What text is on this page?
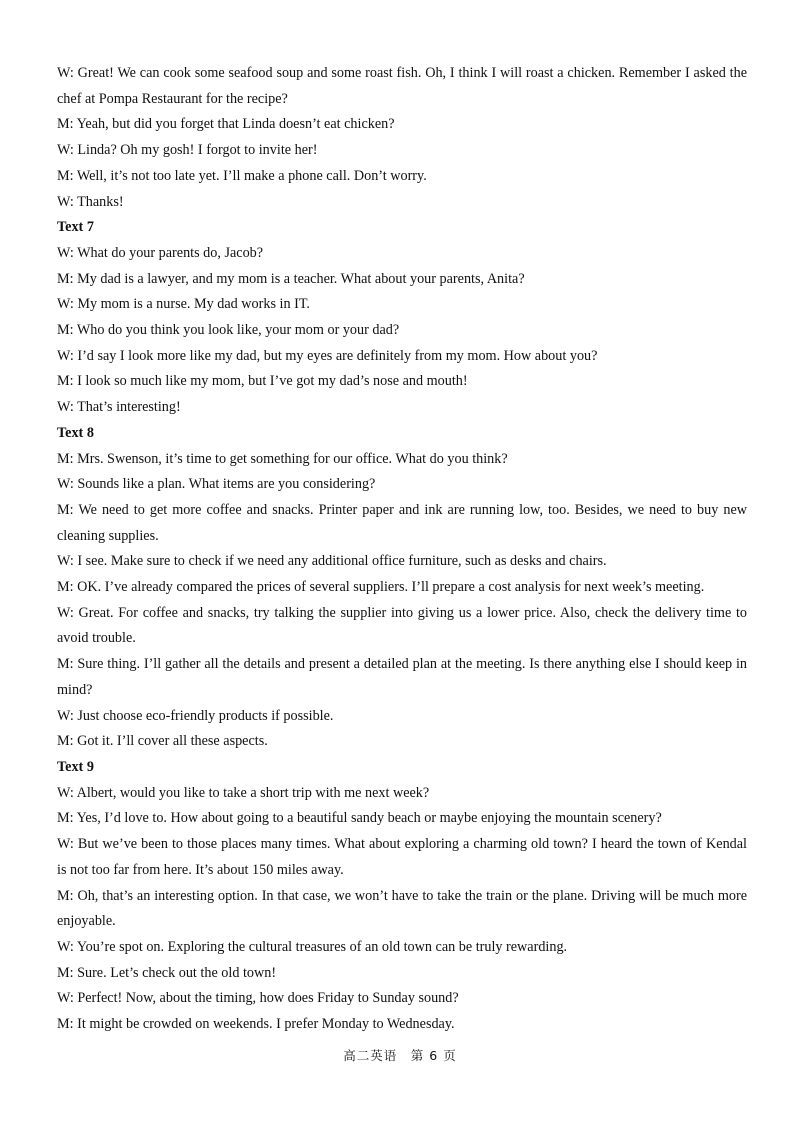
W: Great! We can cook some seafood soup and some roast fish. Oh, I think I will roast a chicken. Remember I asked the chef at Pompa Restaurant for the recipe?

M: Yeah, but did you forget that Linda doesn’t eat chicken?

W: Linda? Oh my gosh! I forgot to invite her!

M: Well, it’s not too late yet. I’ll make a phone call. Don’t worry.

W: Thanks!

Text 7

W: What do your parents do, Jacob?

M: My dad is a lawyer, and my mom is a teacher. What about your parents, Anita?

W: My mom is a nurse. My dad works in IT.

M: Who do you think you look like, your mom or your dad?

W: I’d say I look more like my dad, but my eyes are definitely from my mom. How about you?

M: I look so much like my mom, but I’ve got my dad’s nose and mouth!

W: That’s interesting!

Text 8

M: Mrs. Swenson, it’s time to get something for our office. What do you think?

W: Sounds like a plan. What items are you considering?

M: We need to get more coffee and snacks. Printer paper and ink are running low, too. Besides, we need to buy new cleaning supplies.

W: I see. Make sure to check if we need any additional office furniture, such as desks and chairs.

M: OK. I’ve already compared the prices of several suppliers. I’ll prepare a cost analysis for next week’s meeting.

W: Great. For coffee and snacks, try talking the supplier into giving us a lower price. Also, check the delivery time to avoid trouble.

M: Sure thing. I’ll gather all the details and present a detailed plan at the meeting. Is there anything else I should keep in mind?

W: Just choose eco-friendly products if possible.

M: Got it. I’ll cover all these aspects.

Text 9

W: Albert, would you like to take a short trip with me next week?

M: Yes, I’d love to. How about going to a beautiful sandy beach or maybe enjoying the mountain scenery?

W: But we’ve been to those places many times. What about exploring a charming old town? I heard the town of Kendal is not too far from here. It’s about 150 miles away.

M: Oh, that’s an interesting option. In that case, we won’t have to take the train or the plane. Driving will be much more enjoyable.

W: You’re spot on. Exploring the cultural treasures of an old town can be truly rewarding.

M: Sure. Let’s check out the old town!

W: Perfect! Now, about the timing, how does Friday to Sunday sound?

M: It might be crowded on weekends. I prefer Monday to Wednesday.

高二英语　第 6 页
